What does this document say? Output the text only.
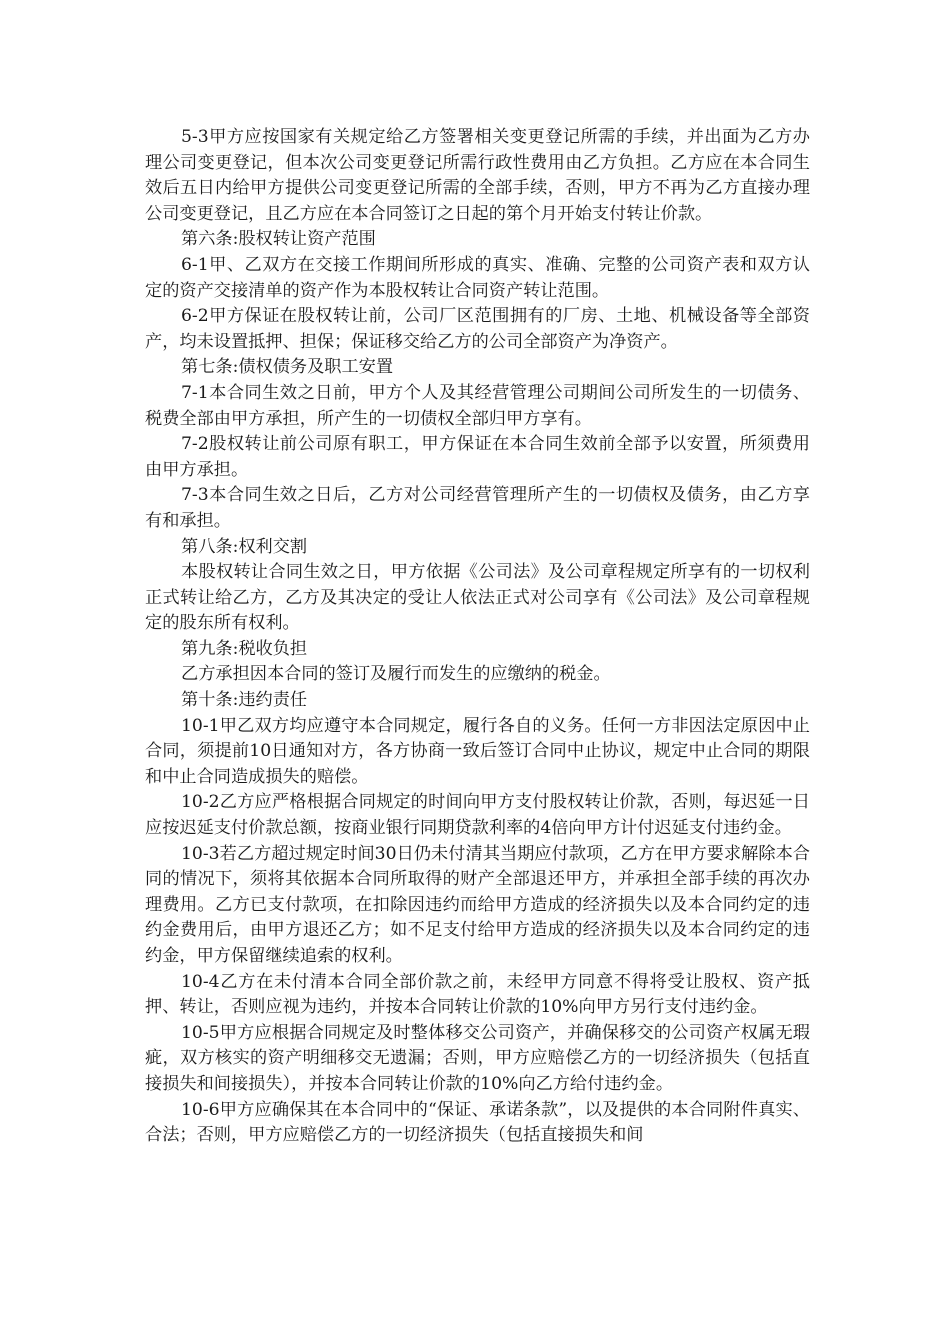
5-3甲方应按国家有关规定给乙方签署相关变更登记所需的手续，并出面为乙方办理公司变更登记，但本次公司变更登记所需行政性费用由乙方负担。乙方应在本合同生效后五日内给甲方提供公司变更登记所需的全部手续，否则，甲方不再为乙方直接办理公司变更登记，且乙方应在本合同签订之日起的第个月开始支付转让价款。

第六条:股权转让资产范围

6-1甲、乙双方在交接工作期间所形成的真实、准确、完整的公司资产表和双方认定的资产交接清单的资产作为本股权转让合同资产转让范围。

6-2甲方保证在股权转让前，公司厂区范围拥有的厂房、土地、机械设备等全部资产，均未设置抵押、担保；保证移交给乙方的公司全部资产为净资产。

第七条:债权债务及职工安置

7-1本合同生效之日前，甲方个人及其经营管理公司期间公司所发生的一切债务、税费全部由甲方承担，所产生的一切债权全部归甲方享有。

7-2股权转让前公司原有职工，甲方保证在本合同生效前全部予以安置，所须费用由甲方承担。

7-3本合同生效之日后，乙方对公司经营管理所产生的一切债权及债务，由乙方享有和承担。

第八条:权利交割

本股权转让合同生效之日，甲方依据《公司法》及公司章程规定所享有的一切权利正式转让给乙方，乙方及其决定的受让人依法正式对公司享有《公司法》及公司章程规定的股东所有权利。

第九条:税收负担

乙方承担因本合同的签订及履行而发生的应缴纳的税金。

第十条:违约责任

10-1甲乙双方均应遵守本合同规定，履行各自的义务。任何一方非因法定原因中止合同，须提前10日通知对方，各方协商一致后签订合同中止协议，规定中止合同的期限和中止合同造成损失的赔偿。

10-2乙方应严格根据合同规定的时间向甲方支付股权转让价款，否则，每迟延一日应按迟延支付价款总额，按商业银行同期贷款利率的4倍向甲方计付迟延支付违约金。

10-3若乙方超过规定时间30日仍未付清其当期应付款项，乙方在甲方要求解除本合同的情况下，须将其依据本合同所取得的财产全部退还甲方，并承担全部手续的再次办理费用。乙方已支付款项，在扣除因违约而给甲方造成的经济损失以及本合同约定的违约金费用后，由甲方退还乙方；如不足支付给甲方造成的经济损失以及本合同约定的违约金，甲方保留继续追索的权利。

10-4乙方在未付清本合同全部价款之前，未经甲方同意不得将受让股权、资产抵押、转让，否则应视为违约，并按本合同转让价款的10%向甲方另行支付违约金。

10-5甲方应根据合同规定及时整体移交公司资产，并确保移交的公司资产权属无瑕疵，双方核实的资产明细移交无遗漏；否则，甲方应赔偿乙方的一切经济损失（包括直接损失和间接损失），并按本合同转让价款的10%向乙方给付违约金。

10-6甲方应确保其在本合同中的“保证、承诺条款”，以及提供的本合同附件真实、合法；否则，甲方应赔偿乙方的一切经济损失（包括直接损失和间
